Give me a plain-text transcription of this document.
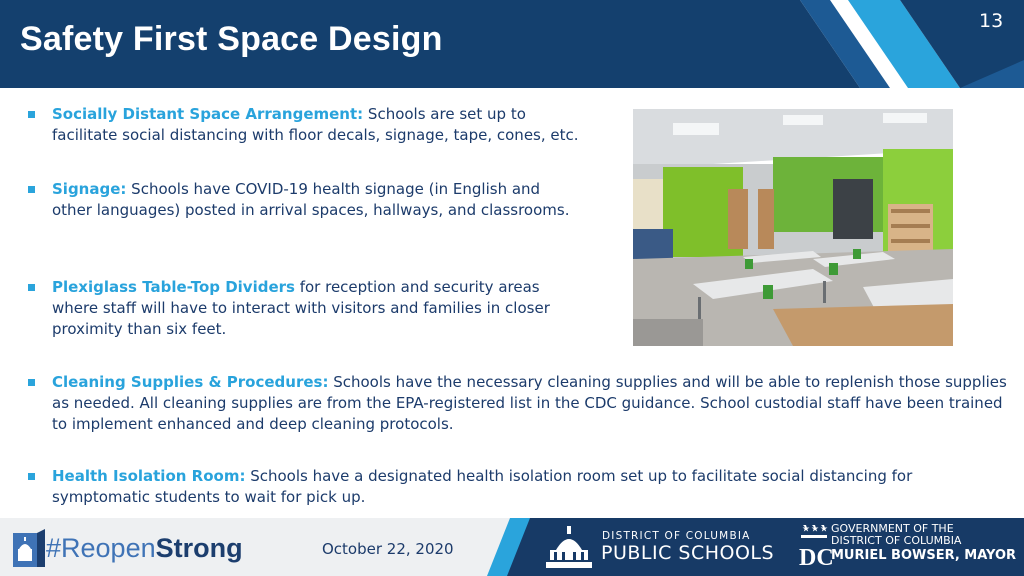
Safety First Space Design	13
Socially Distant Space Arrangement: Schools are set up to facilitate social distancing with floor decals, signage, tape, cones, etc.
Signage: Schools have COVID-19 health signage (in English and other languages) posted in arrival spaces, hallways, and classrooms.
Plexiglass Table-Top Dividers for reception and security areas where staff will have to interact with visitors and families in closer proximity than six feet.
Cleaning Supplies & Procedures: Schools have the necessary cleaning supplies and will be able to replenish those supplies as needed. All cleaning supplies are from the EPA-registered list in the CDC guidance. School custodial staff have been trained to implement enhanced and deep cleaning protocols.
Health Isolation Room: Schools have a designated health isolation room set up to facilitate social distancing for symptomatic students to wait for pick up.
#ReopenStrong	October 22, 2020
DISTRICT OF COLUMBIA
PUBLIC SCHOOLS DC
GOVERNMENT OF THE
DISTRICT OF COLUMBIA
MURIEL BOWSER, MAYOR
